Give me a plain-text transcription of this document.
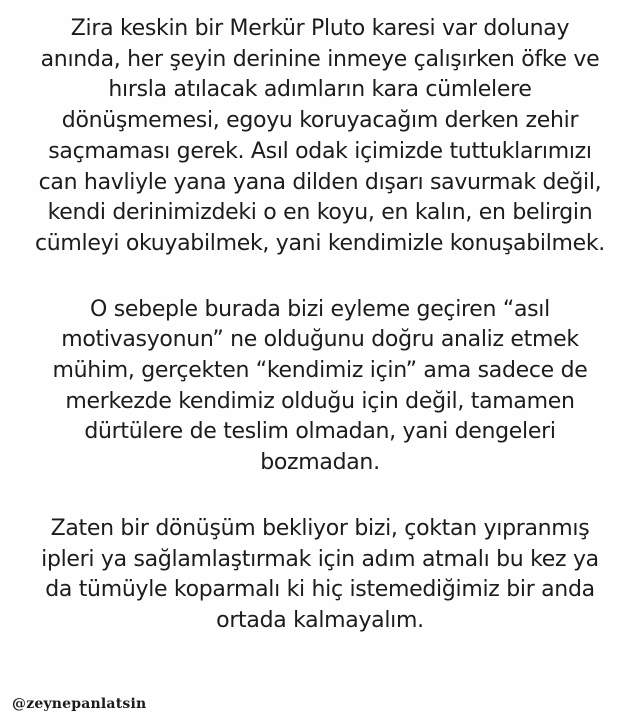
Zira keskin bir Merkür Pluto karesi var dolunay
anında, her şeyin derinine inmeye çalışırken öfke ve
hırsla atılacak adımların kara cümlelere
dönüşmemesi, egoyu koruyacağım derken zehir
saçmaması gerek. Asıl odak içimizde tuttuklarımızı
can havliyle yana yana dilden dışarı savurmak değil,
kendi derinimizdeki o en koyu, en kalın, en belirgin
cümleyi okuyabilmek, yani kendimizle konuşabilmek.

O sebeple burada bizi eyleme geçiren “asıl
motivasyonun” ne olduğunu doğru analiz etmek
mühim, gerçekten “kendimiz için” ama sadece de
merkezde kendimiz olduğu için değil, tamamen
dürtülere de teslim olmadan, yani dengeleri
bozmadan.

Zaten bir dönüşüm bekliyor bizi, çoktan yıpranmış
ipleri ya sağlamlaştırmak için adım atmalı bu kez ya
da tümüyle koparmalı ki hiç istemediğimiz bir anda
ortada kalmayalım.

@zeynepanlatsin
